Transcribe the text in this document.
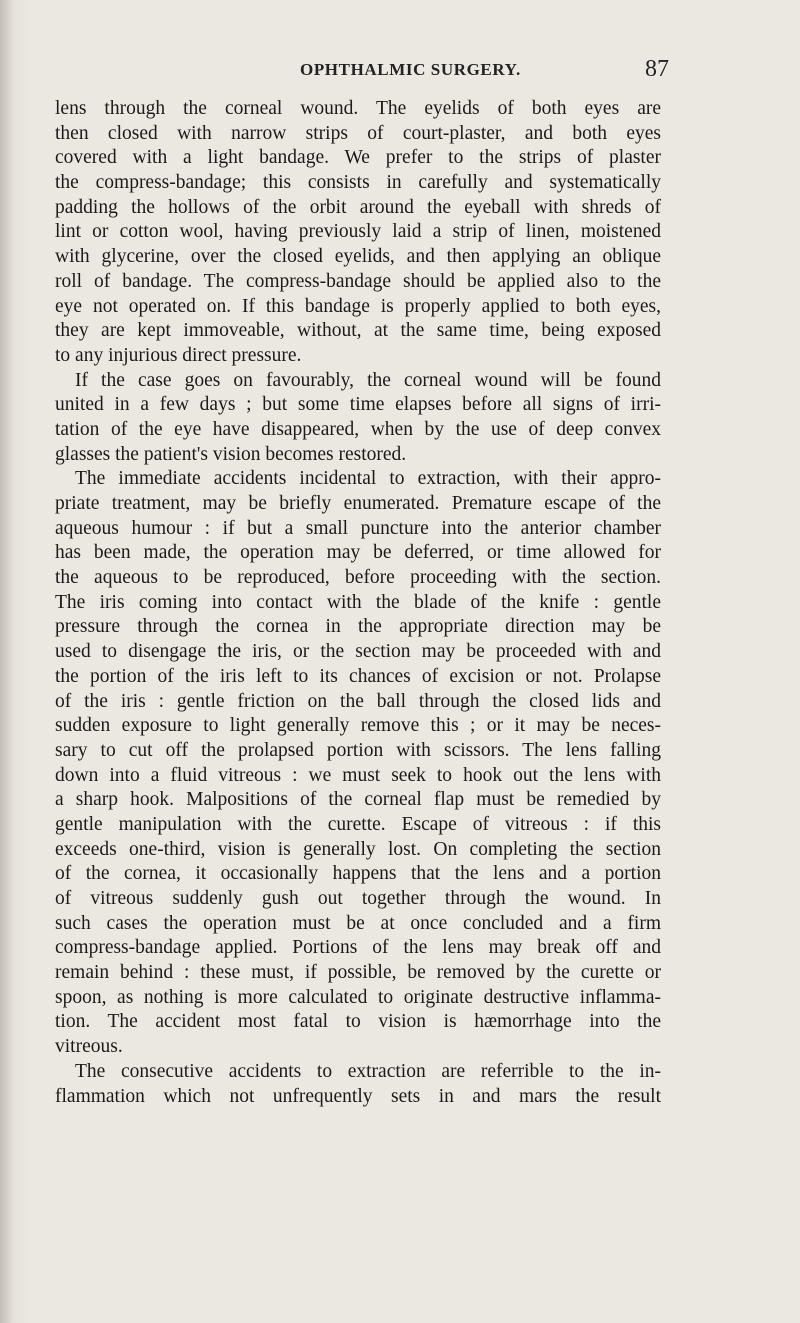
OPHTHALMIC SURGERY.	87
lens through the corneal wound. The eyelids of both eyes are
then closed with narrow strips of court-plaster, and both eyes
covered with a light bandage. We prefer to the strips of plaster
the compress-bandage; this consists in carefully and systematically
padding the hollows of the orbit around the eyeball with shreds of
lint or cotton wool, having previously laid a strip of linen, moistened
with glycerine, over the closed eyelids, and then applying an oblique
roll of bandage. The compress-bandage should be applied also to the
eye not operated on. If this bandage is properly applied to both eyes,
they are kept immoveable, without, at the same time, being exposed
to any injurious direct pressure.
If the case goes on favourably, the corneal wound will be found
united in a few days ; but some time elapses before all signs of irri-
tation of the eye have disappeared, when by the use of deep convex
glasses the patient's vision becomes restored.
The immediate accidents incidental to extraction, with their appro-
priate treatment, may be briefly enumerated. Premature escape of the
aqueous humour : if but a small puncture into the anterior chamber
has been made, the operation may be deferred, or time allowed for
the aqueous to be reproduced, before proceeding with the section.
The iris coming into contact with the blade of the knife : gentle
pressure through the cornea in the appropriate direction may be
used to disengage the iris, or the section may be proceeded with and
the portion of the iris left to its chances of excision or not. Prolapse
of the iris : gentle friction on the ball through the closed lids and
sudden exposure to light generally remove this ; or it may be neces-
sary to cut off the prolapsed portion with scissors. The lens falling
down into a fluid vitreous : we must seek to hook out the lens with
a sharp hook. Malpositions of the corneal flap must be remedied by
gentle manipulation with the curette. Escape of vitreous : if this
exceeds one-third, vision is generally lost. On completing the section
of the cornea, it occasionally happens that the lens and a portion
of vitreous suddenly gush out together through the wound. In
such cases the operation must be at once concluded and a firm
compress-bandage applied. Portions of the lens may break off and
remain behind : these must, if possible, be removed by the curette or
spoon, as nothing is more calculated to originate destructive inflamma-
tion. The accident most fatal to vision is hæmorrhage into the
vitreous.
The consecutive accidents to extraction are referrible to the in-
flammation which not unfrequently sets in and mars the result
